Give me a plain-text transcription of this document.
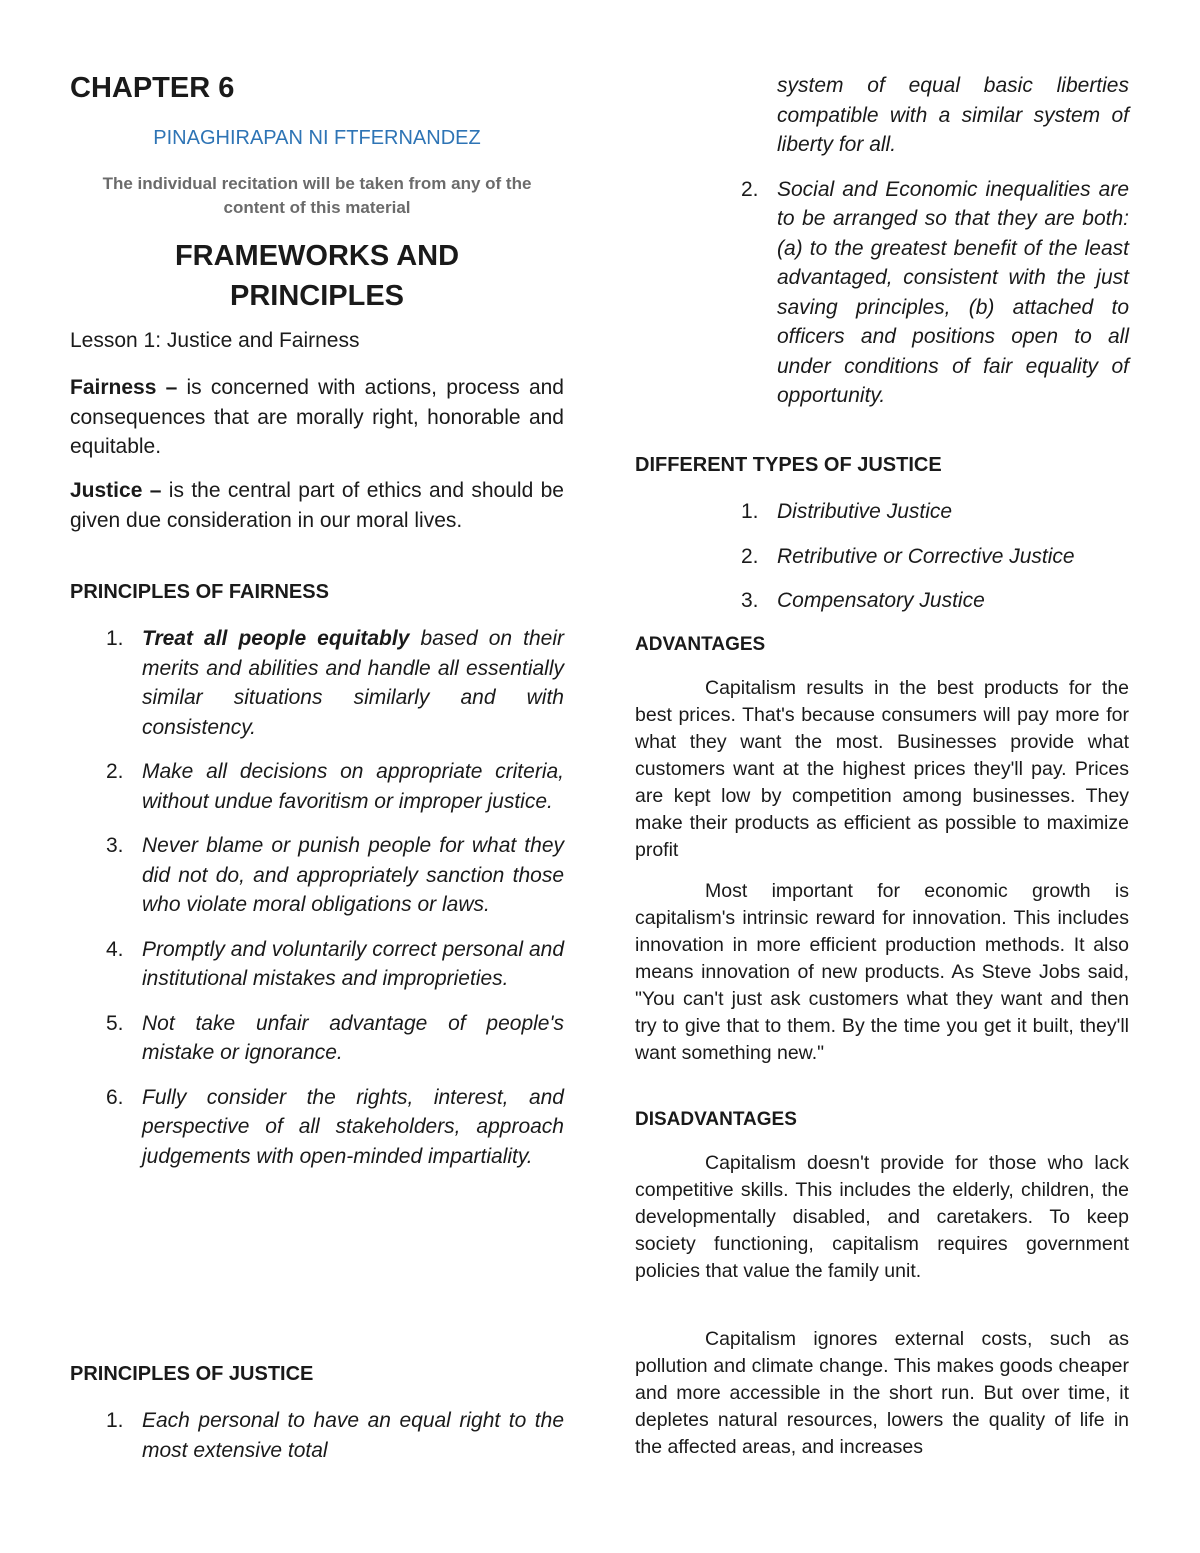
CHAPTER 6
PINAGHIRAPAN NI FTFERNANDEZ
The individual recitation will be taken from any of the content of this material
FRAMEWORKS AND
PRINCIPLES
Lesson 1: Justice and Fairness

Fairness – is concerned with actions, process and consequences that are morally right, honorable and equitable.

Justice – is the central part of ethics and should be given due consideration in our moral lives.

PRINCIPLES OF FAIRNESS
1. Treat all people equitably based on their merits and abilities and handle all essentially similar situations similarly and with consistency.
2. Make all decisions on appropriate criteria, without undue favoritism or improper justice.
3. Never blame or punish people for what they did not do, and appropriately sanction those who violate moral obligations or laws.
4. Promptly and voluntarily correct personal and institutional mistakes and improprieties.
5. Not take unfair advantage of people's mistake or ignorance.
6. Fully consider the rights, interest, and perspective of all stakeholders, approach judgements with open-minded impartiality.
PRINCIPLES OF JUSTICE
1. Each personal to have an equal right to the most extensive total
system of equal basic liberties compatible with a similar system of liberty for all.
2. Social and Economic inequalities are to be arranged so that they are both: (a) to the greatest benefit of the least advantaged, consistent with the just saving principles, (b) attached to officers and positions open to all under conditions of fair equality of opportunity.
DIFFERENT TYPES OF JUSTICE
1. Distributive Justice
2. Retributive or Corrective Justice
3. Compensatory Justice
ADVANTAGES

Capitalism results in the best products for the best prices. That's because consumers will pay more for what they want the most. Businesses provide what customers want at the highest prices they'll pay. Prices are kept low by competition among businesses. They make their products as efficient as possible to maximize profit

Most important for economic growth is capitalism's intrinsic reward for innovation. This includes innovation in more efficient production methods. It also means innovation of new products. As Steve Jobs said, "You can't just ask customers what they want and then try to give that to them. By the time you get it built, they'll want something new."

DISADVANTAGES

Capitalism doesn't provide for those who lack competitive skills. This includes the elderly, children, the developmentally disabled, and caretakers. To keep society functioning, capitalism requires government policies that value the family unit.

Capitalism ignores external costs, such as pollution and climate change. This makes goods cheaper and more accessible in the short run. But over time, it depletes natural resources, lowers the quality of life in the affected areas, and increases
